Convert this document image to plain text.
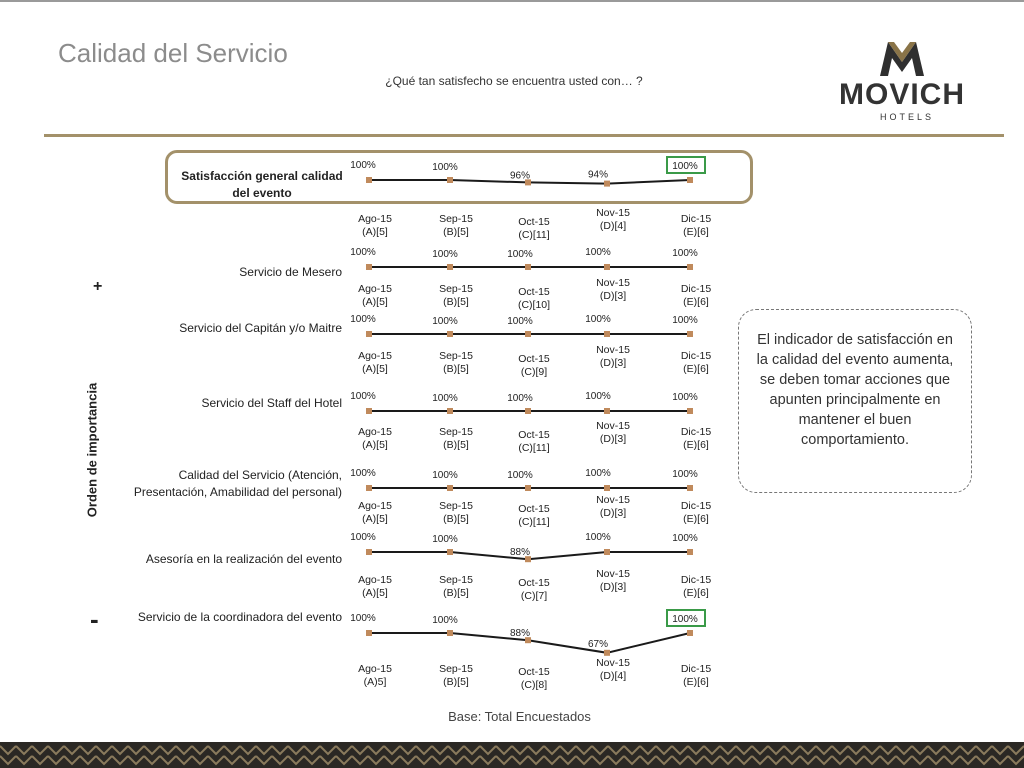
Calidad del Servicio
¿Qué tan satisfecho se encuentra usted con… ?	MOVICH
HOTELS
Orden de importancia
+
-
Satisfacción general calidad del evento
Servicio de Mesero
Servicio del Capitán y/o Maitre
Servicio del Staff del Hotel
Calidad del Servicio (Atención,
Presentación, Amabilidad del personal)
Asesoría en la realización del evento
Servicio de la coordinadora del evento
100%
Ago-15
(A)[5]
100%
Sep-15
(B)[5]
96%
Oct-15
(C)[11]
94%
Nov-15
(D)[4]
100%
Dic-15
(E)[6]
100%
Ago-15
(A)[5]
100%
Sep-15
(B)[5]
100%
Oct-15
(C)[10]
100%
Nov-15
(D)[3]
100%
Dic-15
(E)[6]
100%
Ago-15
(A)[5]
100%
Sep-15
(B)[5]
100%
Oct-15
(C)[9]
100%
Nov-15
(D)[3]
100%
Dic-15
(E)[6]
100%
Ago-15
(A)[5]
100%
Sep-15
(B)[5]
100%
Oct-15
(C)[11]
100%
Nov-15
(D)[3]
100%
Dic-15
(E)[6]
100%
Ago-15
(A)[5]
100%
Sep-15
(B)[5]
100%
Oct-15
(C)[11]
100%
Nov-15
(D)[3]
100%
Dic-15
(E)[6]
100%
Ago-15
(A)[5]
100%
Sep-15
(B)[5]
88%
Oct-15
(C)[7]
100%
Nov-15
(D)[3]
100%
Dic-15
(E)[6]
100%
Ago-15
(A)5]
100%
Sep-15
(B)[5]
88%
Oct-15
(C)[8]
67%
Nov-15
(D)[4]
100%
Dic-15
(E)[6]
El indicador de satisfacción en la calidad del evento aumenta, se deben tomar acciones que apunten principalmente en mantener el buen comportamiento.
Base: Total Encuestados
